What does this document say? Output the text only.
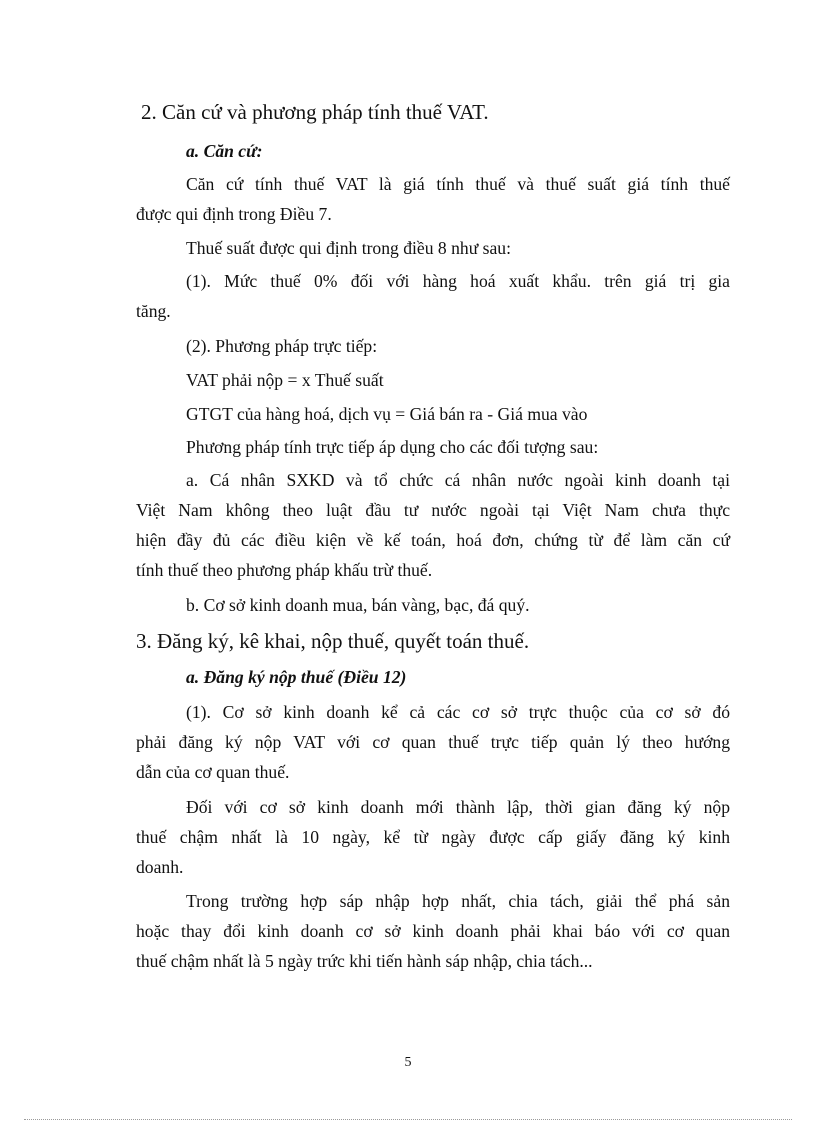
2. Căn cứ và phương pháp tính thuế VAT.
a. Căn cứ:
Căn cứ tính thuế VAT là giá tính thuế và thuế suất giá tính thuế
được qui định trong Điều 7.
Thuế suất được qui định trong điều 8 như sau:
(1). Mức thuế 0% đối với hàng hoá xuất khẩu. trên giá trị gia
tăng.
(2). Phương pháp trực tiếp:
VAT phải nộp = x Thuế suất
GTGT của hàng hoá, dịch vụ = Giá bán ra - Giá mua vào
Phương pháp tính trực tiếp áp dụng cho các đối tượng sau:
a. Cá nhân SXKD và tổ chức cá nhân nước ngoài kinh doanh tại
Việt Nam không theo luật đầu tư nước ngoài tại Việt Nam chưa thực
hiện đầy đủ các điều kiện về kế toán, hoá đơn, chứng từ để làm căn cứ
tính thuế theo phương pháp khấu trừ thuế.
b. Cơ sở kinh doanh mua, bán vàng, bạc, đá quý.
3. Đăng ký, kê khai, nộp thuế, quyết toán thuế.
a. Đăng ký nộp thuế (Điều 12)
(1). Cơ sở kinh doanh kể cả các cơ sở trực thuộc của cơ sở đó
phải đăng ký nộp VAT với cơ quan thuế trực tiếp quản lý theo hướng
dẫn của cơ quan thuế.
Đối với cơ sở kinh doanh mới thành lập, thời gian đăng ký nộp
thuế chậm nhất là 10 ngày, kể từ ngày được cấp giấy đăng ký kinh
doanh.
Trong trường hợp sáp nhập hợp nhất, chia tách, giải thể phá sản
hoặc thay đổi kinh doanh cơ sở kinh doanh phải khai báo với cơ quan
thuế chậm nhất là 5 ngày trức khi tiến hành sáp nhập, chia tách...
5
